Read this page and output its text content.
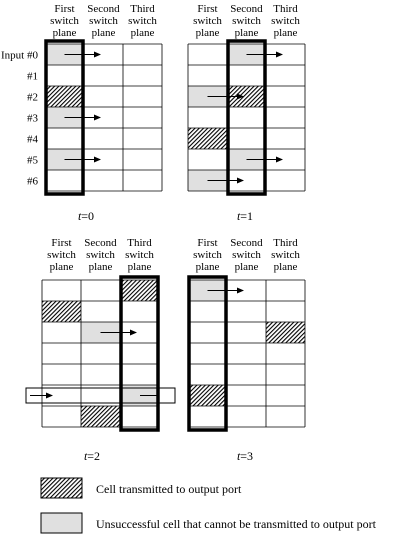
First
switch
plane
Second
switch
plane
Third
switch
plane
Input #0
#1
#2
#3
#4
#5
#6
t=0
First
switch
plane
Second
switch
plane
Third
switch
plane
t=1
First
switch
plane
Second
switch
plane
Third
switch
plane
t=2
First
switch
plane
Second
switch
plane
Third
switch
plane
t=3
Cell transmitted to output port
Unsuccessful cell that cannot be transmitted to output port
